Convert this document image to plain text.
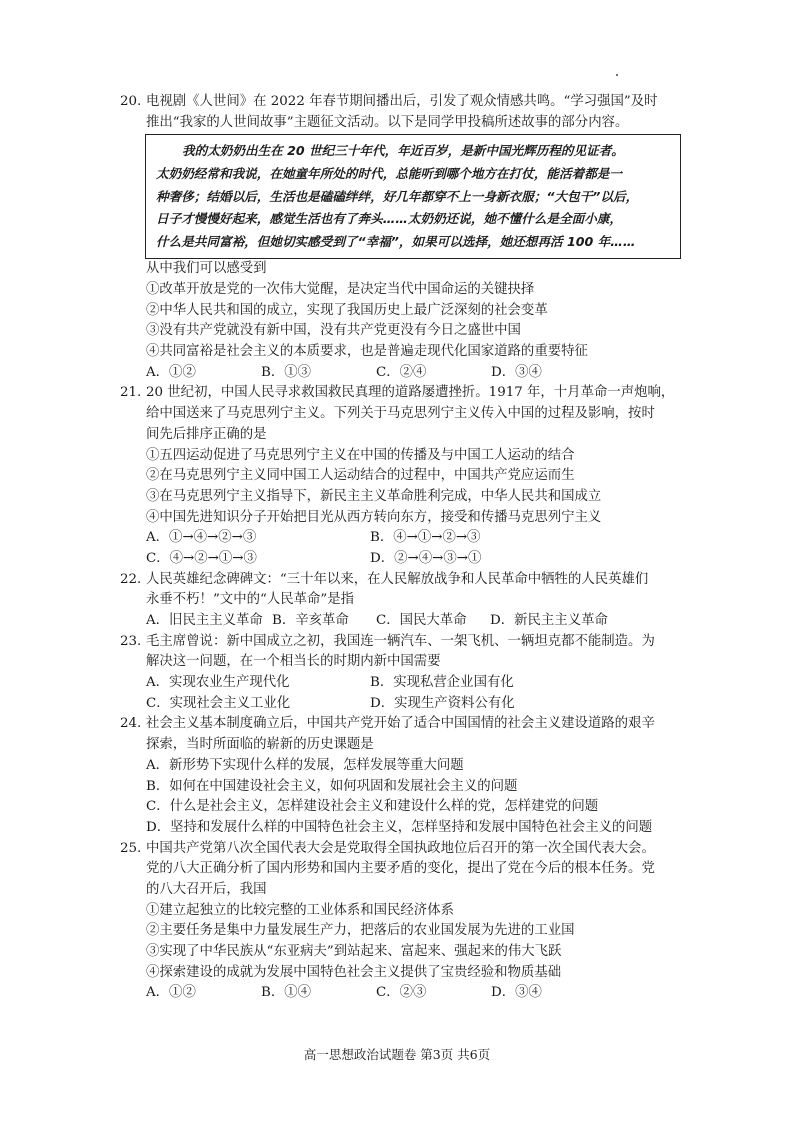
20. 电视剧《人世间》在 2022 年春节期间播出后，引发了观众情感共鸣。“学习强国”及时
推出“我家的人世间故事”主题征文活动。以下是同学甲投稿所述故事的部分内容。
我的太奶奶出生在 20 世纪三十年代，年近百岁，是新中国光辉历程的见证者。
太奶奶经常和我说，在她童年所处的时代，总能听到哪个地方在打仗，能活着都是一
种奢侈；结婚以后，生活也是磕磕绊绊，好几年都穿不上一身新衣服；“大包干”以后，
日子才慢慢好起来，感觉生活也有了奔头……太奶奶还说，她不懂什么是全面小康，
什么是共同富裕，但她切实感受到了“幸福”，如果可以选择，她还想再活 100 年……
从中我们可以感受到
①改革开放是党的一次伟大觉醒，是决定当代中国命运的关键抉择
②中华人民共和国的成立，实现了我国历史上最广泛深刻的社会变革
③没有共产党就没有新中国，没有共产党更没有今日之盛世中国
④共同富裕是社会主义的本质要求，也是普遍走现代化国家道路的重要特征
A．①②	B．①③	C．②④	D．③④
21. 20 世纪初，中国人民寻求救国救民真理的道路屡遭挫折。1917 年，十月革命一声炮响，
给中国送来了马克思列宁主义。下列关于马克思列宁主义传入中国的过程及影响，按时
间先后排序正确的是
①五四运动促进了马克思列宁主义在中国的传播及与中国工人运动的结合
②在马克思列宁主义同中国工人运动结合的过程中，中国共产党应运而生
③在马克思列宁主义指导下，新民主主义革命胜利完成，中华人民共和国成立
④中国先进知识分子开始把目光从西方转向东方，接受和传播马克思列宁主义
A．①→④→②→③	B．④→①→②→③
C．④→②→①→③	D．②→④→③→①
22. 人民英雄纪念碑碑文：“三十年以来，在人民解放战争和人民革命中牺牲的人民英雄们
永垂不朽！”文中的“人民革命”是指
A．旧民主主义革命 B．辛亥革命	C．国民大革命	D．新民主主义革命
23. 毛主席曾说：新中国成立之初，我国连一辆汽车、一架飞机、一辆坦克都不能制造。为
解决这一问题，在一个相当长的时期内新中国需要
A．实现农业生产现代化	B．实现私营企业国有化
C．实现社会主义工业化	D．实现生产资料公有化
24. 社会主义基本制度确立后，中国共产党开始了适合中国国情的社会主义建设道路的艰辛
探索，当时所面临的崭新的历史课题是
A．新形势下实现什么样的发展，怎样发展等重大问题
B．如何在中国建设社会主义，如何巩固和发展社会主义的问题
C．什么是社会主义，怎样建设社会主义和建设什么样的党，怎样建党的问题
D．坚持和发展什么样的中国特色社会主义，怎样坚持和发展中国特色社会主义的问题
25. 中国共产党第八次全国代表大会是党取得全国执政地位后召开的第一次全国代表大会。
党的八大正确分析了国内形势和国内主要矛盾的变化，提出了党在今后的根本任务。党
的八大召开后，我国
①建立起独立的比较完整的工业体系和国民经济体系
②主要任务是集中力量发展生产力，把落后的农业国发展为先进的工业国
③实现了中华民族从“东亚病夫”到站起来、富起来、强起来的伟大飞跃
④探索建设的成就为发展中国特色社会主义提供了宝贵经验和物质基础
A．①②	B．①④	C．②③	D．③④
高一思想政治试题卷 第3页 共6页
